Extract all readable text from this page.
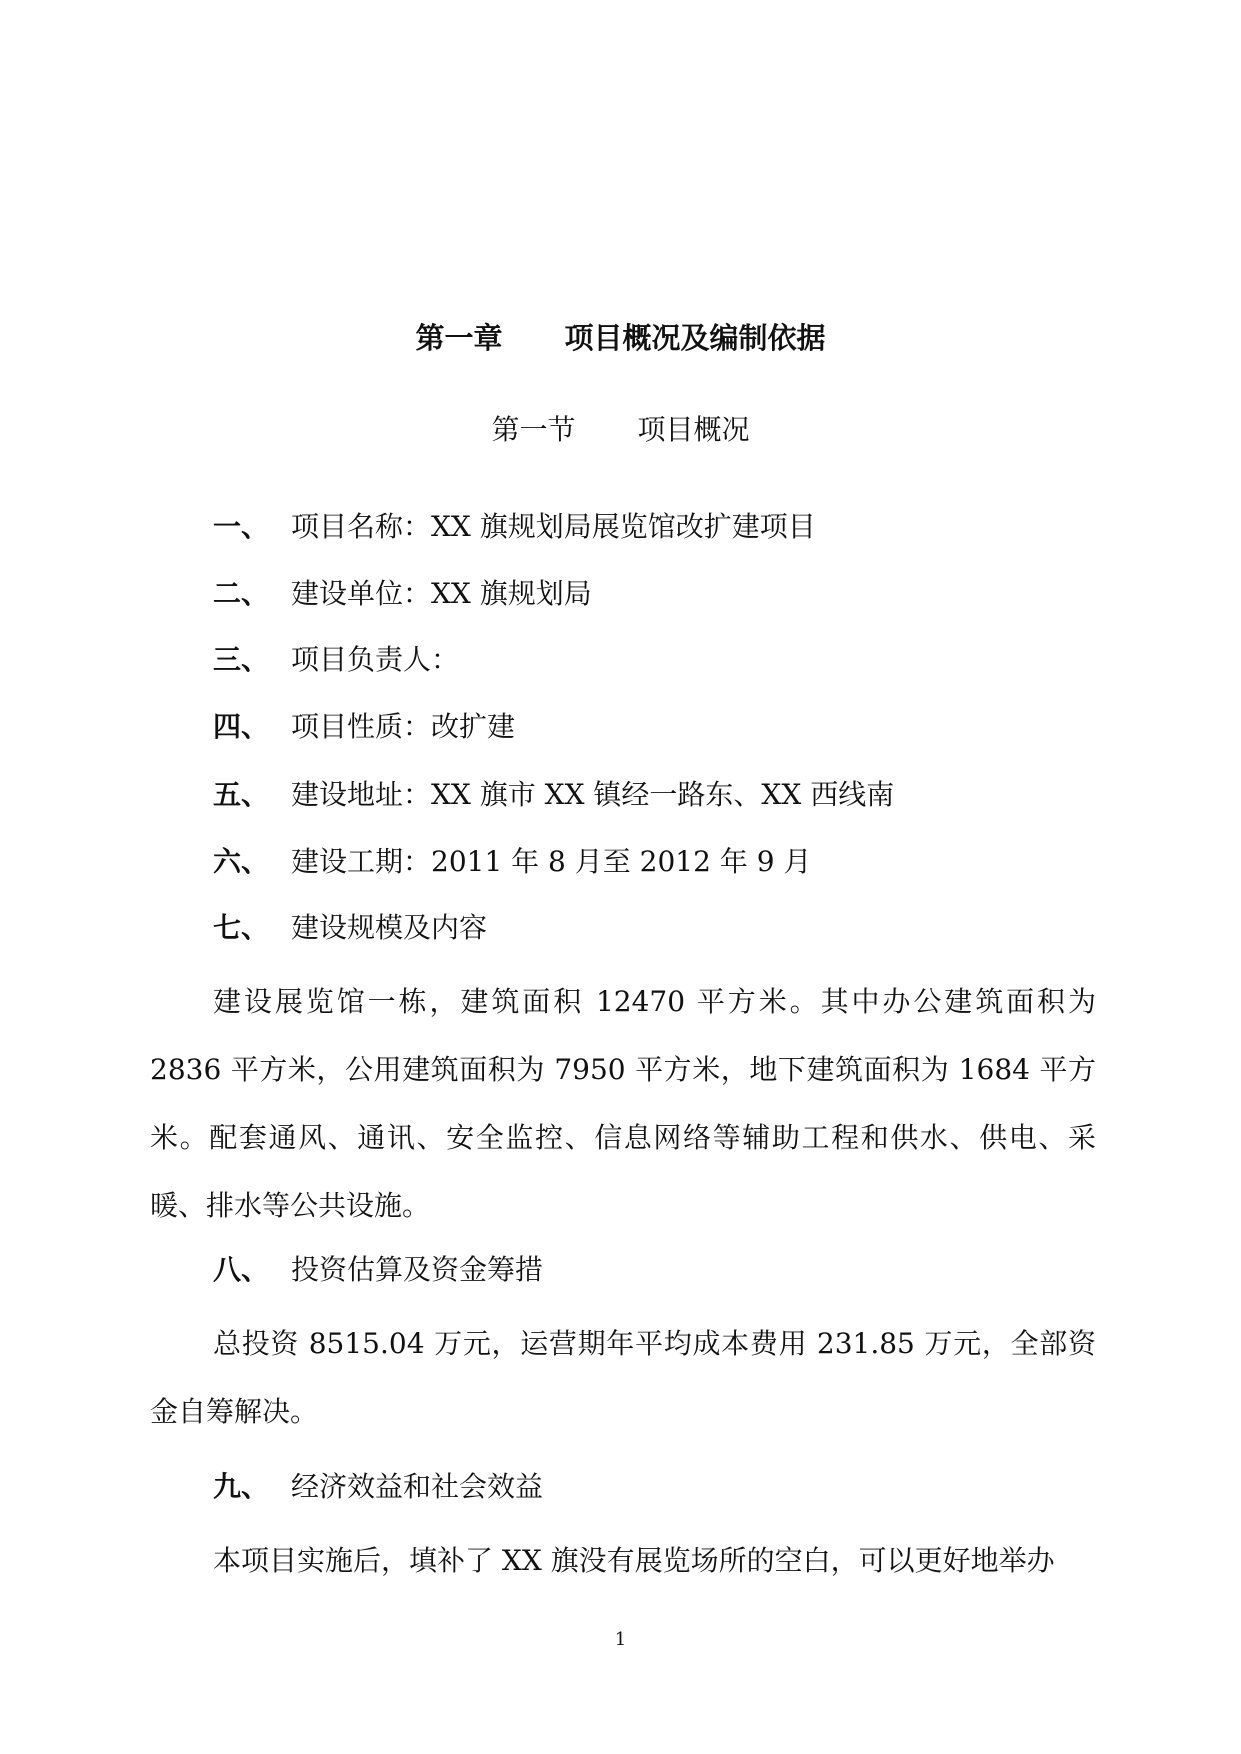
第一章 项目概况及编制依据
第一节 项目概况
一、 项目名称：XX 旗规划局展览馆改扩建项目
二、 建设单位：XX 旗规划局
三、 项目负责人：
四、 项目性质：改扩建
五、 建设地址：XX 旗市 XX 镇经一路东、XX 西线南
六、 建设工期：2011 年 8 月至 2012 年 9 月
七、 建设规模及内容

建设展览馆一栋，建筑面积 12470 平方米。其中办公建筑面积为 2836 平方米，公用建筑面积为 7950 平方米，地下建筑面积为 1684 平方米。配套通风、通讯、安全监控、信息网络等辅助工程和供水、供电、采暖、排水等公共设施。

八、 投资估算及资金筹措

总投资 8515.04 万元，运营期年平均成本费用 231.85 万元，全部资金自筹解决。

九、 经济效益和社会效益

本项目实施后，填补了 XX 旗没有展览场所的空白，可以更好地举办

1
